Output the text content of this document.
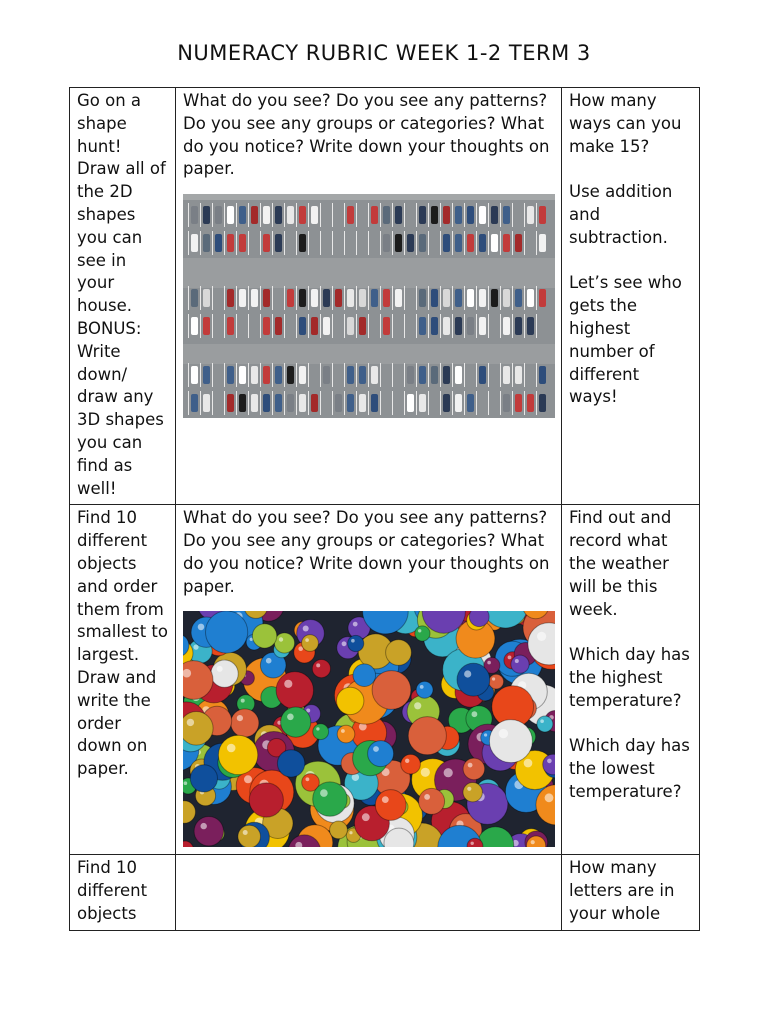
NUMERACY RUBRIC WEEK 1-2 TERM 3
Go on a shape hunt! Draw all of the 2D shapes you can see in your house. BONUS: Write down/ draw any 3D shapes you can find as well!	What do you see? Do you see any patterns? Do you see any groups or categories? What do you notice? Write down your thoughts on paper.	How many ways can you make 15?

Use addition and subtraction.

Let’s see who gets the highest number of different ways!

Find 10 different objects and order them from smallest to largest. Draw and write the order down on paper.	What do you see? Do you see any patterns? Do you see any groups or categories? What do you notice? Write down your thoughts on paper.	Find out and record what the weather will be this week.

Which day has the highest temperature?

Which day has the lowest temperature?

Find 10 different objects		How many letters are in your whole
